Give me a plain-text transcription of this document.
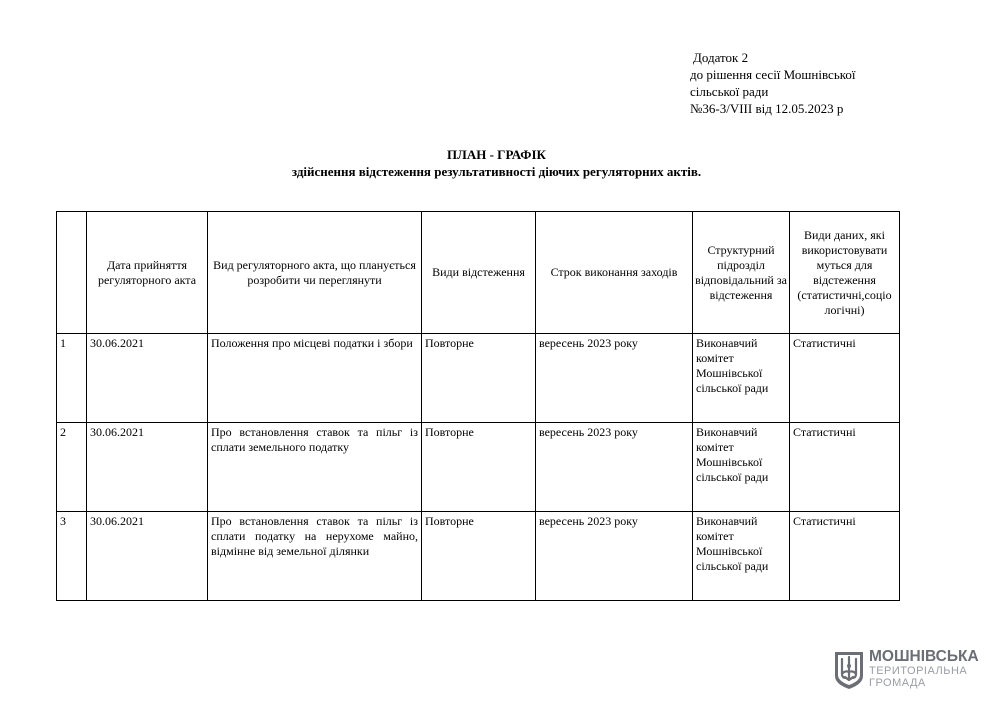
Додаток 2
до рішення сесії Мошнівської
сільської ради
№36-3/VIII від 12.05.2023 р
ПЛАН - ГРАФІК
здійснення відстеження результативності діючих регуляторних актів.
	Дата прийняття регуляторного акта	Вид регуляторного акта, що планується розробити чи переглянути	Види відстеження	Строк виконання заходів	Структурний підрозділ відповідальний за відстеження	Види даних, які використовувати муться для відстеження (статистичні,соціо логічні)
1	30.06.2021	Положення про місцеві податки і збори	Повторне	вересень 2023 року	Виконавчий комітет Мошнівської сільської ради	Статистичні
2	30.06.2021	Про встановлення ставок та пільг із сплати земельного податку	Повторне	вересень 2023 року	Виконавчий комітет Мошнівської сільської ради	Статистичні
3	30.06.2021	Про встановлення ставок та пільг із сплати податку на нерухоме майно, відмінне від земельної ділянки	Повторне	вересень 2023 року	Виконавчий комітет Мошнівської сільської ради	Статистичні
МОШНІВСЬКА
ТЕРИТОРІАЛЬНА
ГРОМАДА
